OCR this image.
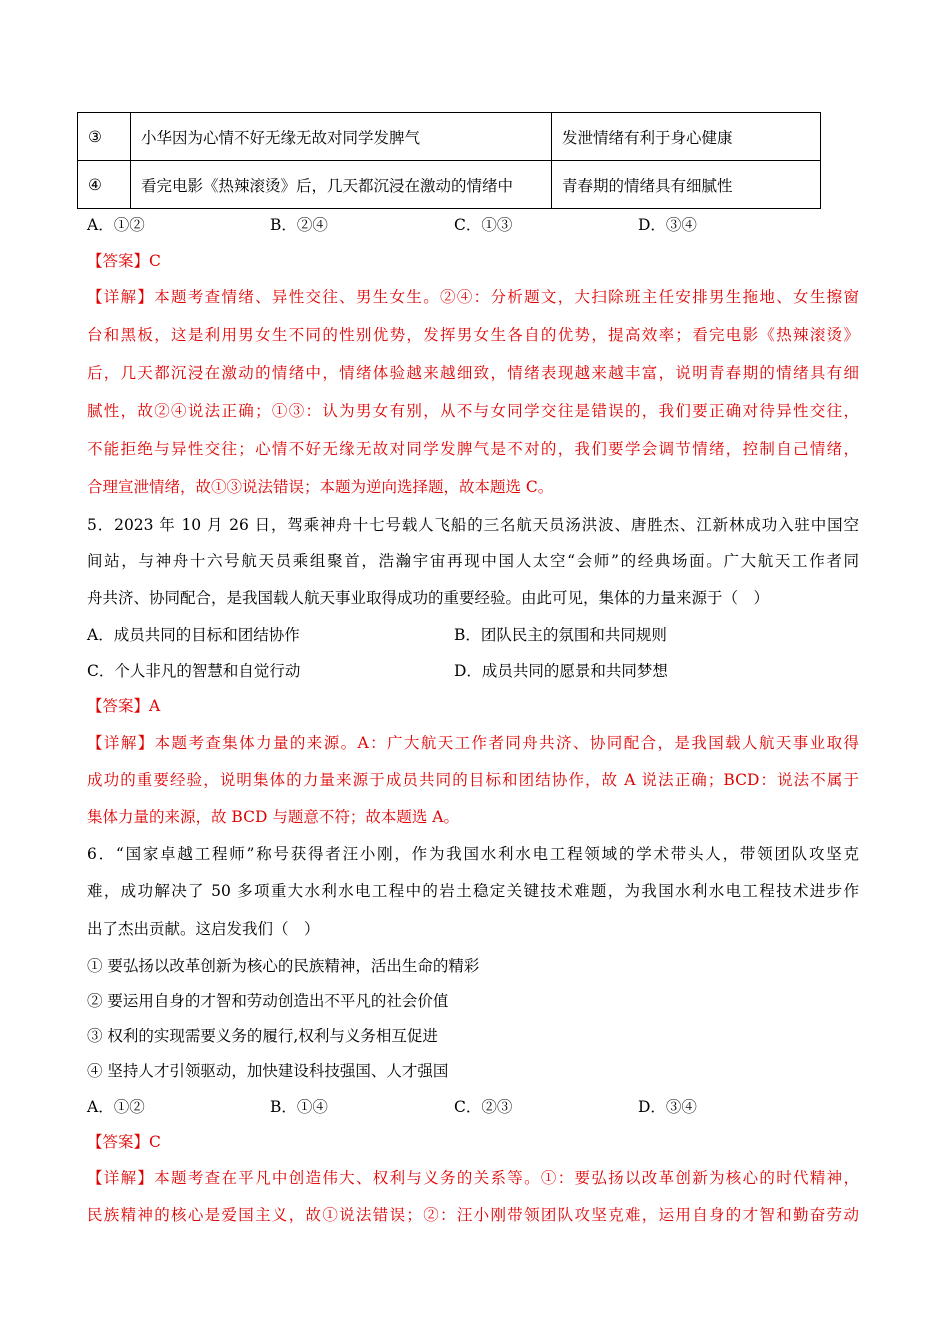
③	小华因为心情不好无缘无故对同学发脾气	发泄情绪有利于身心健康
④	看完电影《热辣滚烫》后，几天都沉浸在激动的情绪中	青春期的情绪具有细腻性
A．①②	B．②④	C．①③	D．③④
【答案】C
【详解】本题考查情绪、异性交往、男生女生。②④：分析题文，大扫除班主任安排男生拖地、女生擦窗
台和黑板，这是利用男女生不同的性别优势，发挥男女生各自的优势，提高效率；看完电影《热辣滚烫》
后，几天都沉浸在激动的情绪中，情绪体验越来越细致，情绪表现越来越丰富，说明青春期的情绪具有细
腻性，故②④说法正确；①③：认为男女有别，从不与女同学交往是错误的，我们要正确对待异性交往，
不能拒绝与异性交往；心情不好无缘无故对同学发脾气是不对的，我们要学会调节情绪，控制自己情绪，
合理宣泄情绪，故①③说法错误；本题为逆向选择题，故本题选 C。
5．2023 年 10 月 26 日，驾乘神舟十七号载人飞船的三名航天员汤洪波、唐胜杰、江新林成功入驻中国空
间站，与神舟十六号航天员乘组聚首，浩瀚宇宙再现中国人太空“会师”的经典场面。广大航天工作者同
舟共济、协同配合，是我国载人航天事业取得成功的重要经验。由此可见，集体的力量来源于（　）
A．成员共同的目标和团结协作	B．团队民主的氛围和共同规则
C．个人非凡的智慧和自觉行动	D．成员共同的愿景和共同梦想
【答案】A
【详解】本题考查集体力量的来源。A：广大航天工作者同舟共济、协同配合，是我国载人航天事业取得
成功的重要经验，说明集体的力量来源于成员共同的目标和团结协作，故 A 说法正确；BCD：说法不属于
集体力量的来源，故 BCD 与题意不符；故本题选 A。
6．“国家卓越工程师”称号获得者汪小刚，作为我国水利水电工程领域的学术带头人，带领团队攻坚克
难，成功解决了 50 多项重大水利水电工程中的岩土稳定关键技术难题，为我国水利水电工程技术进步作
出了杰出贡献。这启发我们（　）
① 要弘扬以改革创新为核心的民族精神，活出生命的精彩
② 要运用自身的才智和劳动创造出不平凡的社会价值
③ 权利的实现需要义务的履行,权利与义务相互促进
④ 坚持人才引领驱动，加快建设科技强国、人才强国
A．①②	B．①④	C．②③	D．③④
【答案】C
【详解】本题考查在平凡中创造伟大、权利与义务的关系等。①：要弘扬以改革创新为核心的时代精神，
民族精神的核心是爱国主义，故①说法错误；②：汪小刚带领团队攻坚克难，运用自身的才智和勤奋劳动
